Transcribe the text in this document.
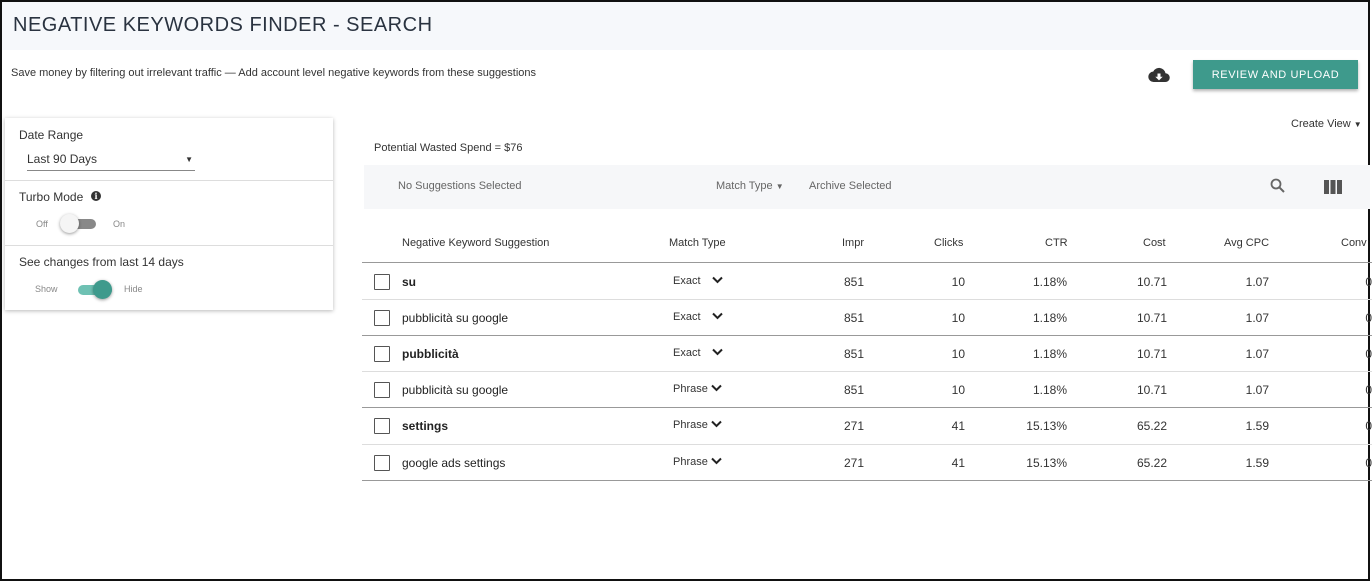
NEGATIVE KEYWORDS FINDER - SEARCH
Save money by filtering out irrelevant traffic — Add account level negative keywords from these suggestions	REVIEW AND UPLOAD
Date Range
Last 90 Days	▼
Turbo Mode	i
Off	On
See changes from last 14 days
Show	Hide
Create View ▼
Potential Wasted Spend = $76
No Suggestions Selected	Match Type ▼ Archive Selected
Negative Keyword Suggestion	Match Type	Impr	Clicks	CTR	Cost	Avg CPC	Conv
su	Exact	851	10	1.18%	10.71	1.07	0
pubblicità su google	Exact	851	10	1.18%	10.71	1.07	0
pubblicità	Exact	851	10	1.18%	10.71	1.07	0
pubblicità su google	Phrase	851	10	1.18%	10.71	1.07	0
settings	Phrase	271	41	15.13%	65.22	1.59	0
google ads settings	Phrase	271	41	15.13%	65.22	1.59	0
